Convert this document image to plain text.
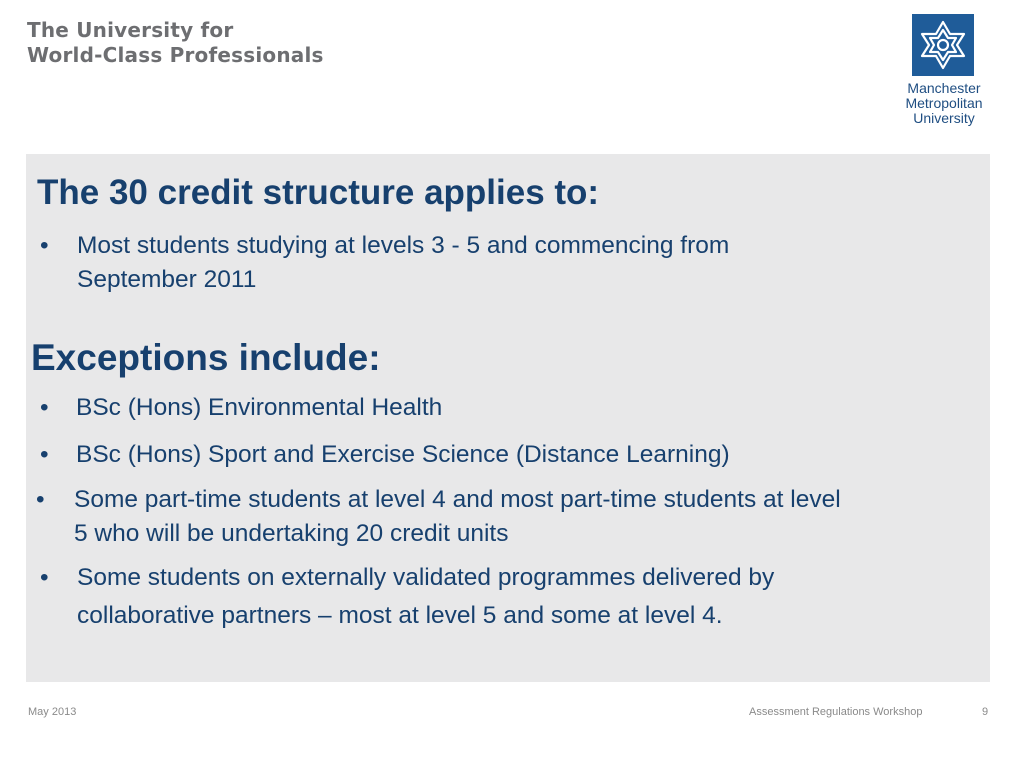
The University for
World-Class Professionals
Manchester
Metropolitan
University
The 30 credit structure applies to:
• Most students studying at levels 3 - 5 and commencing from
September 2011
Exceptions include:
• BSc (Hons) Environmental Health
• BSc (Hons) Sport and Exercise Science (Distance Learning)
• Some part-time students at level 4 and most part-time students at level
5 who will be undertaking 20 credit units
• Some students on externally validated programmes delivered by
collaborative partners – most at level 5 and some at level 4.
May 2013	Assessment Regulations Workshop	9
